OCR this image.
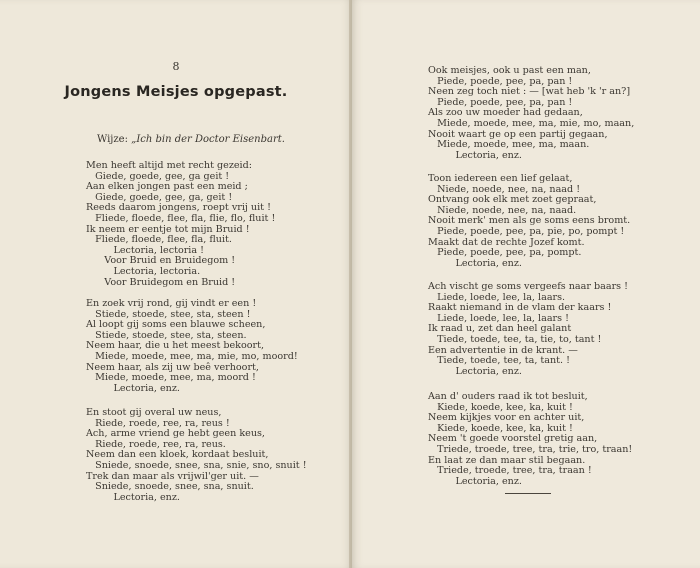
8
Jongens Meisjes opgepast.
Wijze: „Ich bin der Doctor Eisenbart.
Men heeft altijd met recht gezeid:
Giede, goede, gee, ga geit !
Aan elken jongen past een meid ;
Giede, goede, gee, ga, geit !
Reeds daarom jongens, roept vrij uit !
Fliede, floede, flee, fla, flie, flo, fluit !
Ik neem er eentje tot mijn Bruid !
Fliede, floede, flee, fla, fluit.
Lectoria, lectoria !
Voor Bruid en Bruidegom !
Lectoria, lectoria.
Voor Bruidegom en Bruid !
En zoek vrij rond, gij vindt er een !
Stiede, stoede, stee, sta, steen !
Al loopt gij soms een blauwe scheen,
Stiede, stoede, stee, sta, steen.
Neem haar, die u het meest bekoort,
Miede, moede, mee, ma, mie, mo, moord!
Neem haar, als zij uw beê verhoort,
Miede, moede, mee, ma, moord !
Lectoria, enz.
En stoot gij overal uw neus,
Riede, roede, ree, ra, reus !
Ach, arme vriend ge hebt geen keus,
Riede, roede, ree, ra, reus.
Neem dan een kloek, kordaat besluit,
Sniede, snoede, snee, sna, snie, sno, snuit !
Trek dan maar als vrijwil'ger uit. —
Sniede, snoede, snee, sna, snuit.
Lectoria, enz.
Ook meisjes, ook u past een man,
Piede, poede, pee, pa, pan !
Neen zeg toch niet : — [wat heb 'k 'r an?]
Piede, poede, pee, pa, pan !
Als zoo uw moeder had gedaan,
Miede, moede, mee, ma, mie, mo, maan,
Nooit waart ge op een partij gegaan,
Miede, moede, mee, ma, maan.
Lectoria, enz.
Toon iedereen een lief gelaat,
Niede, noede, nee, na, naad !
Ontvang ook elk met zoet gepraat,
Niede, noede, nee, na, naad.
Nooit merk' men als ge soms eens bromt.
Piede, poede, pee, pa, pie, po, pompt !
Maakt dat de rechte Jozef komt.
Piede, poede, pee, pa, pompt.
Lectoria, enz.
Ach vischt ge soms vergeefs naar baars !
Liede, loede, lee, la, laars.
Raakt niemand in de vlam der kaars !
Liede, loede, lee, la, laars !
Ik raad u, zet dan heel galant
Tiede, toede, tee, ta, tie, to, tant !
Een advertentie in de krant. —
Tiede, toede, tee, ta, tant. !
Lectoria, enz.
Aan d' ouders raad ik tot besluit,
Kiede, koede, kee, ka, kuit !
Neem kijkjes voor en achter uit,
Kiede, koede, kee, ka, kuit !
Neem 't goede voorstel gretig aan,
Triede, troede, tree, tra, trie, tro, traan!
En laat ze dan maar stil begaan.
Triede, troede, tree, tra, traan !
Lectoria, enz.
